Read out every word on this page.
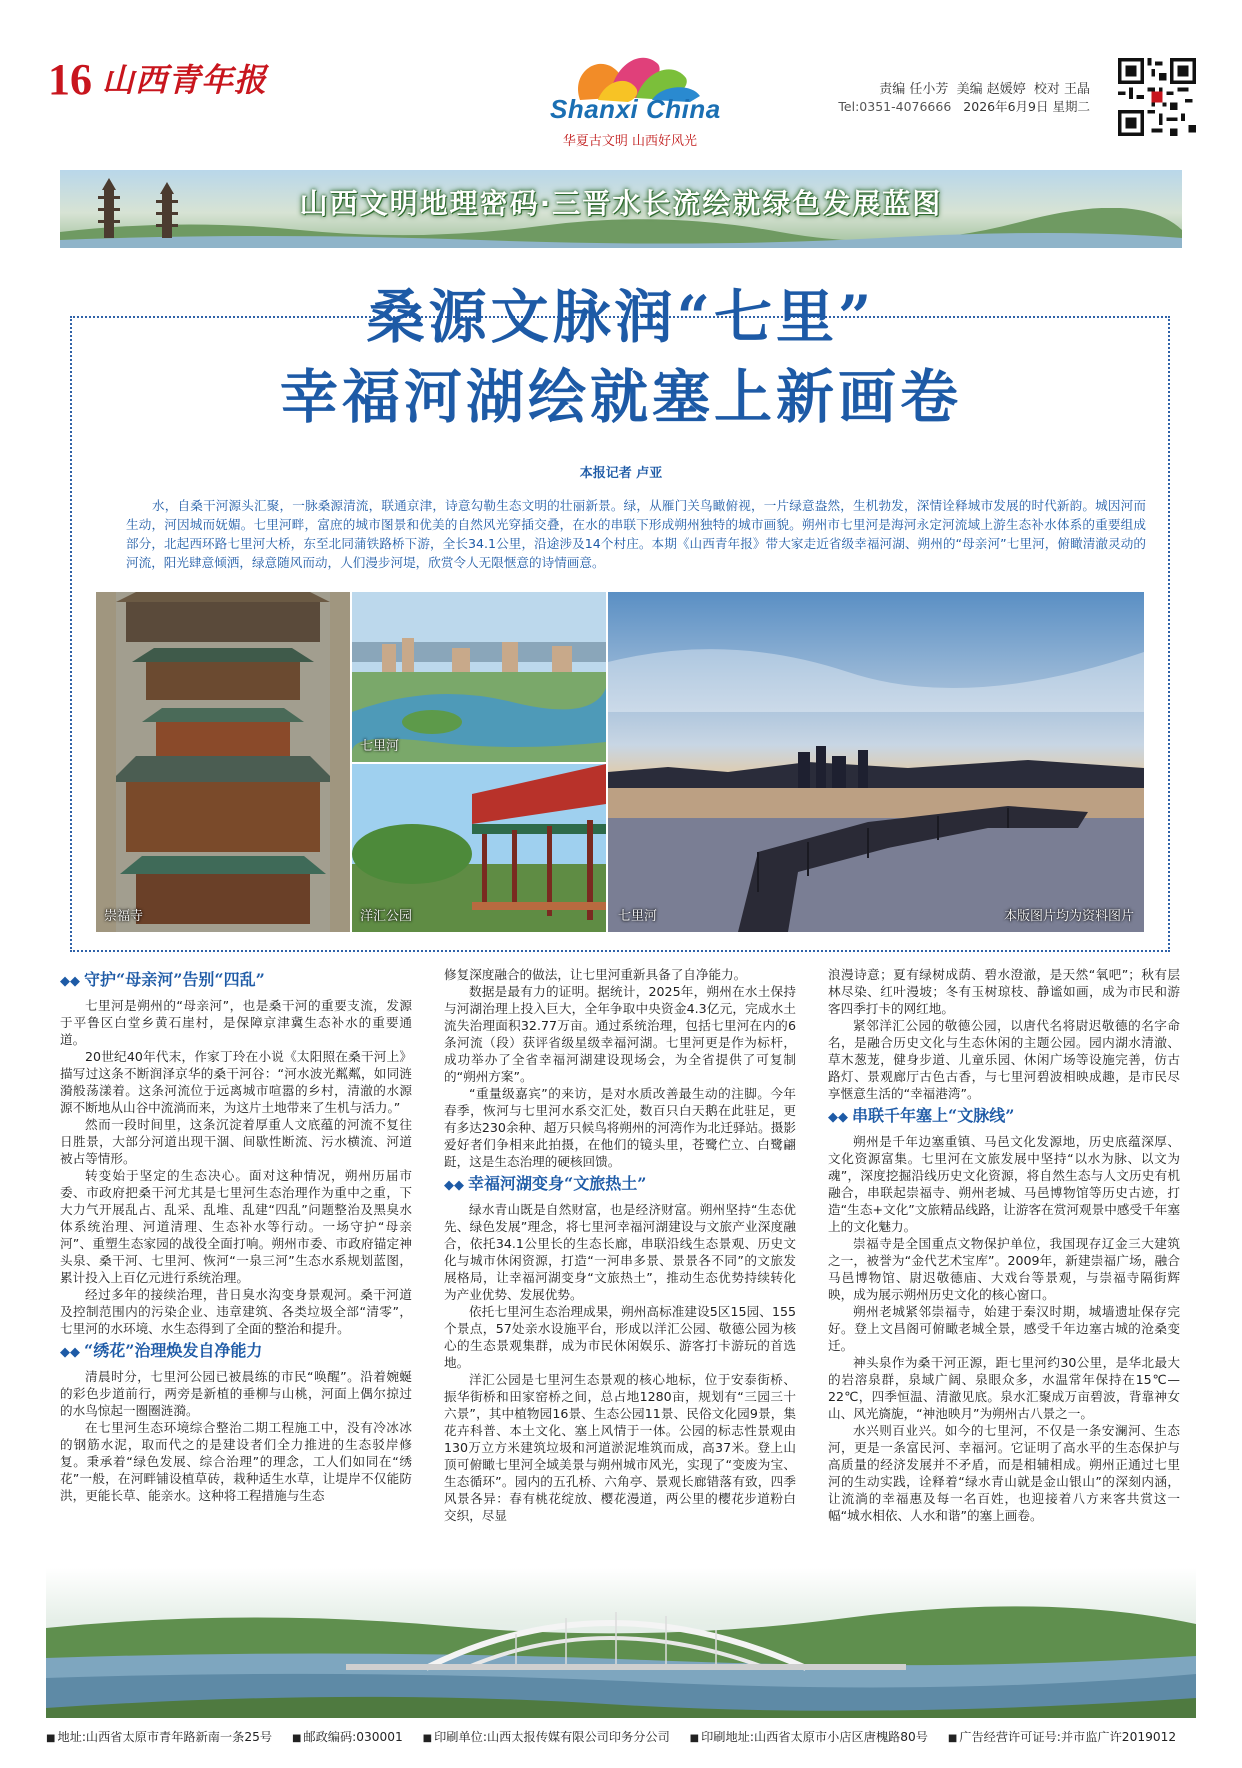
16 山西青年报
Shanxi China
华夏古文明 山西好风光
责编 任小芳 美编 赵媛婷 校对 王晶
Tel:0351-4076666 2026年6月9日 星期二
山西文明地理密码·三晋水长流绘就绿色发展蓝图
桑源文脉润“七里”
幸福河湖绘就塞上新画卷
本报记者 卢亚

水，自桑干河源头汇聚，一脉桑源清流，联通京津，诗意勾勒生态文明的壮丽新景。绿，从雁门关鸟瞰俯视，一片绿意盎然，生机勃发，深情诠释城市发展的时代新韵。城因河而生动，河因城而妩媚。七里河畔，富庶的城市图景和优美的自然风光穿插交叠，在水的串联下形成朔州独特的城市画貌。朔州市七里河是海河永定河流域上游生态补水体系的重要组成部分，北起西环路七里河大桥，东至北同蒲铁路桥下游，全长34.1公里，沿途涉及14个村庄。本期《山西青年报》带大家走近省级幸福河湖、朔州的“母亲河”七里河，俯瞰清澈灵动的河流，阳光肆意倾洒，绿意随风而动，人们漫步河堤，欣赏令人无限惬意的诗情画意。

崇福寺
七里河
洋汇公园	七里河	本版图片均为资料图片
◆◆ 守护“母亲河”告别“四乱”

七里河是朔州的“母亲河”，也是桑干河的重要支流，发源于平鲁区白堂乡黄石崖村，是保障京津冀生态补水的重要通道。

20世纪40年代末，作家丁玲在小说《太阳照在桑干河上》描写过这条不断润泽京华的桑干河谷：“河水波光粼粼，如同涟漪般荡漾着。这条河流位于远离城市喧嚣的乡村，清澈的水源源不断地从山谷中流淌而来，为这片土地带来了生机与活力。”

然而一段时间里，这条沉淀着厚重人文底蕴的河流不复往日胜景，大部分河道出现干涸、间歇性断流、污水横流、河道被占等情形。

转变始于坚定的生态决心。面对这种情况，朔州历届市委、市政府把桑干河尤其是七里河生态治理作为重中之重，下大力气开展乱占、乱采、乱堆、乱建“四乱”问题整治及黑臭水体系统治理、河道清理、生态补水等行动。一场守护“母亲河”、重塑生态家园的战役全面打响。朔州市委、市政府锚定神头泉、桑干河、七里河、恢河“一泉三河”生态水系规划蓝图，累计投入上百亿元进行系统治理。

经过多年的接续治理，昔日臭水沟变身景观河。桑干河道及控制范围内的污染企业、违章建筑、各类垃圾全部“清零”，七里河的水环境、水生态得到了全面的整治和提升。

◆◆ “绣花”治理焕发自净能力

清晨时分，七里河公园已被晨练的市民“唤醒”。沿着婉蜒的彩色步道前行，两旁是新植的垂柳与山桃，河面上偶尔掠过的水鸟惊起一圈圈涟漪。

在七里河生态环境综合整治二期工程施工中，没有冷冰冰的钢筋水泥，取而代之的是建设者们全力推进的生态驳岸修复。秉承着“绿色发展、综合治理”的理念，工人们如同在“绣花”一般，在河畔铺设植草砖，栽种适生水草，让堤岸不仅能防洪，更能长草、能亲水。这种将工程措施与生态

修复深度融合的做法，让七里河重新具备了自净能力。

数据是最有力的证明。据统计，2025年，朔州在水土保持与河湖治理上投入巨大，全年争取中央资金4.3亿元，完成水土流失治理面积32.77万亩。通过系统治理，包括七里河在内的6条河流（段）获评省级星级幸福河湖。七里河更是作为标杆，成功举办了全省幸福河湖建设现场会，为全省提供了可复制的“朔州方案”。

“重量级嘉宾”的来访，是对水质改善最生动的注脚。今年春季，恢河与七里河水系交汇处，数百只白天鹅在此驻足，更有多达230余种、超万只候鸟将朔州的河湾作为北迁驿站。摄影爱好者们争相来此拍摄，在他们的镜头里，苍鹭伫立、白鹭翩跹，这是生态治理的硬核回馈。

◆◆ 幸福河湖变身“文旅热土”

绿水青山既是自然财富，也是经济财富。朔州坚持“生态优先、绿色发展”理念，将七里河幸福河湖建设与文旅产业深度融合，依托34.1公里长的生态长廊，串联沿线生态景观、历史文化与城市休闲资源，打造“一河串多景、景景各不同”的文旅发展格局，让幸福河湖变身“文旅热土”，推动生态优势持续转化为产业优势、发展优势。

依托七里河生态治理成果，朔州高标准建设5区15园、155个景点，57处亲水设施平台，形成以洋汇公园、敬德公园为核心的生态景观集群，成为市民休闲娱乐、游客打卡游玩的首选地。

洋汇公园是七里河生态景观的核心地标，位于安泰街桥、振华街桥和田家窑桥之间，总占地1280亩，规划有“三园三十六景”，其中植物园16景、生态公园11景、民俗文化园9景，集花卉科普、本土文化、塞上风情于一体。公园的标志性景观由130万立方米建筑垃圾和河道淤泥堆筑而成，高37米。登上山顶可俯瞰七里河全域美景与朔州城市风光，实现了“变废为宝、生态循环”。园内的五孔桥、六角亭、景观长廊错落有致，四季风景各异：春有桃花绽放、樱花漫道，两公里的樱花步道粉白交织，尽显

浪漫诗意；夏有绿树成荫、碧水澄澈，是天然“氧吧”；秋有层林尽染、红叶漫坡；冬有玉树琼枝、静谧如画，成为市民和游客四季打卡的网红地。

紧邻洋汇公园的敬德公园，以唐代名将尉迟敬德的名字命名，是融合历史文化与生态休闲的主题公园。园内湖水清澈、草木葱茏，健身步道、儿童乐园、休闲广场等设施完善，仿古路灯、景观廊厅古色古香，与七里河碧波相映成趣，是市民尽享惬意生活的“幸福港湾”。

◆◆ 串联千年塞上“文脉线”

朔州是千年边塞重镇、马邑文化发源地，历史底蕴深厚、文化资源富集。七里河在文旅发展中坚持“以水为脉、以文为魂”，深度挖掘沿线历史文化资源，将自然生态与人文历史有机融合，串联起崇福寺、朔州老城、马邑博物馆等历史古迹，打造“生态+文化”文旅精品线路，让游客在赏河观景中感受千年塞上的文化魅力。

崇福寺是全国重点文物保护单位，我国现存辽金三大建筑之一，被誉为“金代艺术宝库”。2009年，新建崇福广场，融合马邑博物馆、尉迟敬德庙、大戏台等景观，与崇福寺隔街辉映，成为展示朔州历史文化的核心窗口。

朔州老城紧邻崇福寺，始建于秦汉时期，城墙遗址保存完好。登上文昌阁可俯瞰老城全景，感受千年边塞古城的沧桑变迁。

神头泉作为桑干河正源，距七里河约30公里，是华北最大的岩溶泉群，泉域广阔、泉眼众多，水温常年保持在15℃—22℃，四季恒温、清澈见底。泉水汇聚成万亩碧波，背靠神女山、风光旖旎，“神池映月”为朔州古八景之一。

水兴则百业兴。如今的七里河，不仅是一条安澜河、生态河，更是一条富民河、幸福河。它证明了高水平的生态保护与高质量的经济发展并不矛盾，而是相辅相成。朔州正通过七里河的生动实践，诠释着“绿水青山就是金山银山”的深刻内涵，让流淌的幸福惠及每一名百姓，也迎接着八方来客共赏这一幅“城水相依、人水和谐”的塞上画卷。

■ 地址:山西省太原市青年路新南一条25号	■ 邮政编码:030001	■ 印刷单位:山西太报传媒有限公司印务分公司	■ 印刷地址:山西省太原市小店区唐槐路80号	■ 广告经营许可证号:并市监广许2019012
